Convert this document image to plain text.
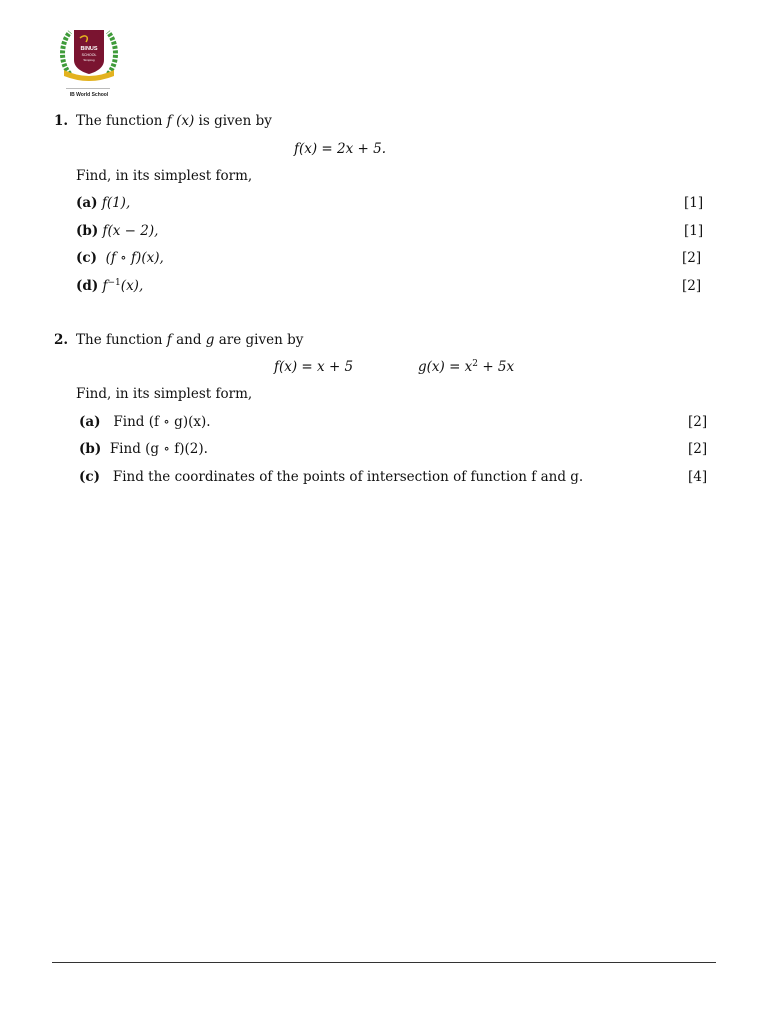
BINUS
SCHOOL
Simprug
IB World School
1. The function f (x) is given by
f(x) = 2x + 5.
Find, in its simplest form,
(a) f(1),	[1]
(b) f(x − 2),	[1]
(c) (f ∘ f)(x),	[2]
(d) $f^{-1}(x)$,	[2]
2. The function f and g are given by
f(x) = x + 5	$g(x) = x^2 + 5x$
Find, in its simplest form,
(a) Find (f ∘ g)(x).	[2]
(b) Find (g ∘ f)(2).	[2]
(c) Find the coordinates of the points of intersection of function f and g.	[4]
